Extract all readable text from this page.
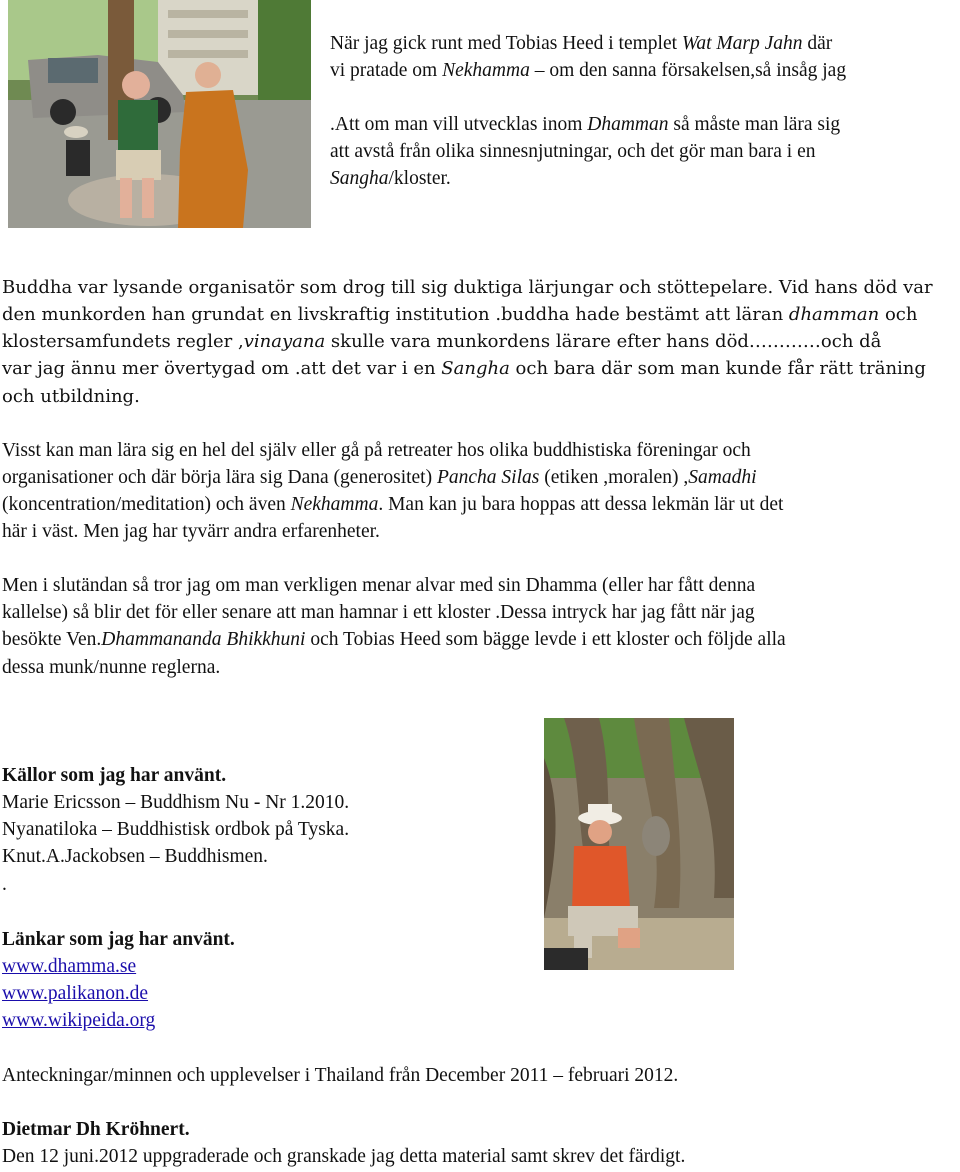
När jag gick runt med Tobias Heed i templet Wat Marp Jahn där
vi pratade om Nekhamma – om den sanna försakelsen,så insåg jag
.Att om man vill utvecklas inom Dhamman så måste man lära sig
att avstå från olika sinnesnjutningar, och det gör man bara i en
Sangha/kloster.
Buddha var lysande organisatör som drog till sig duktiga lärjungar och stöttepelare. Vid hans död var
den munkorden han grundat en livskraftig institution .buddha hade bestämt att läran dhamman och
klostersamfundets regler ,vinayana skulle vara munkordens lärare efter hans död…………och då
var jag ännu mer övertygad om .att det var i en Sangha och bara där som man kunde får rätt träning
och utbildning.
Visst kan man lära sig en hel del själv eller gå på retreater hos olika buddhistiska föreningar och
organisationer och där börja lära sig Dana (generositet) Pancha Silas (etiken ,moralen) ,Samadhi
(koncentration/meditation) och även Nekhamma. Man kan ju bara hoppas att dessa lekmän lär ut det
här i väst. Men jag har tyvärr andra erfarenheter.
Men i slutändan så tror jag om man verkligen menar alvar med sin Dhamma (eller har fått denna
kallelse) så blir det för eller senare att man hamnar i ett kloster .Dessa intryck har jag fått när jag
besökte Ven.Dhammananda Bhikkhuni och Tobias Heed som bägge levde i ett kloster och följde alla
dessa munk/nunne reglerna.
Källor som jag har använt.
Marie Ericsson – Buddhism Nu - Nr 1.2010.
Nyanatiloka – Buddhistisk ordbok på Tyska.
Knut.A.Jackobsen – Buddhismen.
.
Länkar som jag har använt.
www.dhamma.se
www.palikanon.de
www.wikipeida.org
Anteckningar/minnen och upplevelser i Thailand från December 2011 – februari 2012.
Dietmar Dh Kröhnert.
Den 12 juni.2012 uppgraderade och granskade jag detta material samt skrev det färdigt.
